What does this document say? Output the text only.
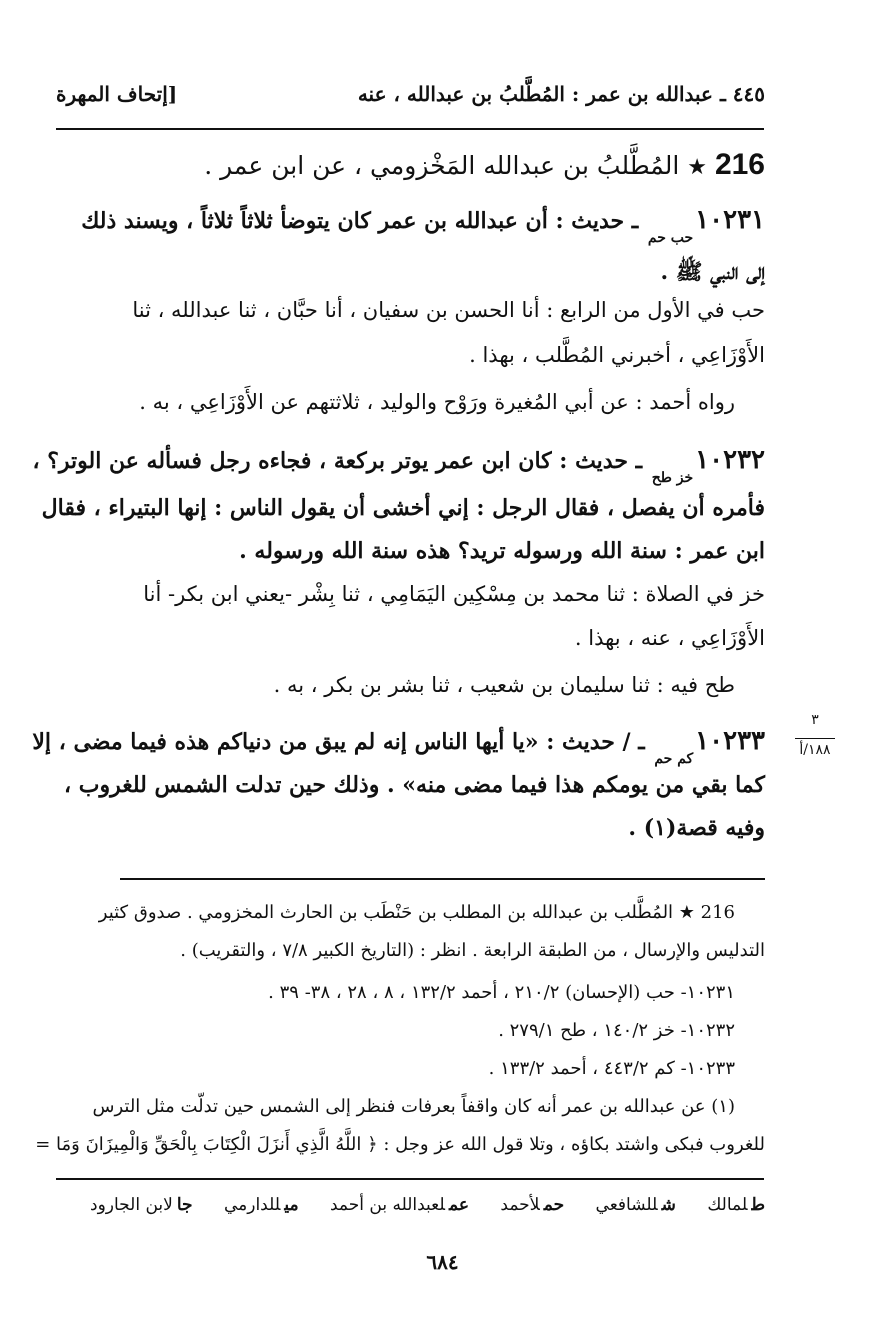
٤٤٥ ـ عبدالله بن عمر : المُطَّلبُ بن عبدالله ، عنه
[إتحاف المهرة
216 ★ المُطَّلبُ بن عبدالله المَخْزومي ، عن ابن عمر .
$١٠٢٣١_{حب حم}$ ـ حديث : أن عبدالله بن عمر كان يتوضأ ثلاثاً ثلاثاً ، ويسند ذلك
إلى النبي ﷺ .
حب في الأول من الرابع : أنا الحسن بن سفيان ، أنا حبَّان ، ثنا عبدالله ، ثنا
الأَوْزَاعِي ، أخبرني المُطَّلب ، بهذا .
رواه أحمد : عن أبي المُغيرة ورَوْح والوليد ، ثلاثتهم عن الأَوْزَاعِي ، به .
$١٠٢٣٢_{خز طح}$ ـ حديث : كان ابن عمر يوتر بركعة ، فجاءه رجل فسأله عن الوتر؟ ،
فأمره أن يفصل ، فقال الرجل : إني أخشى أن يقول الناس : إنها البتيراء ، فقال
ابن عمر : سنة الله ورسوله تريد؟ هذه سنة الله ورسوله .
خز في الصلاة : ثنا محمد بن مِسْكِين اليَمَامِي ، ثنا بِشْر -يعني ابن بكر- أنا
الأَوْزَاعِي ، عنه ، بهذا .
طح فيه : ثنا سليمان بن شعيب ، ثنا بشر بن بكر ، به .
$١٠٢٣٣_{كم حم}$ ـ / حديث : «يا أيها الناس إنه لم يبق من دنياكم هذه فيما مضى ، إلا
كما بقي من يومكم هذا فيما مضى منه» . وذلك حين تدلت الشمس للغروب ،
وفيه قصة(١) .
٣
١٨٨/أ
216 ★ المُطَّلب بن عبدالله بن المطلب بن حَنْطَب بن الحارث المخزومي . صدوق كثير
التدليس والإرسال ، من الطبقة الرابعة . انظر : (التاريخ الكبير ٧/٨ ، والتقريب) .
١٠٢٣١- حب (الإحسان) ٢١٠/٢ ، أحمد ١٣٢/٢ ، ٨ ، ٢٨ ، ٣٨- ٣٩ .
١٠٢٣٢- خز ١٤٠/٢ ، طح ٢٧٩/١ .
١٠٢٣٣- كم ٤٤٣/٢ ، أحمد ١٣٣/٢ .
(١) عن عبدالله بن عمر أنه كان واقفاً بعرفات فنظر إلى الشمس حين تدلّت مثل الترس
للغروب فبكى واشتد بكاؤه ، وتلا قول الله عز وجل : ﴿ اللَّهُ الَّذِي أَنزَلَ الْكِتَابَ بِالْحَقِّ وَالْمِيزَانَ وَمَا =
طلمالك شللشافعي حملأحمد عملعبدالله بن أحمد ميللدارمي جالابن الجارود
٦٨٤
